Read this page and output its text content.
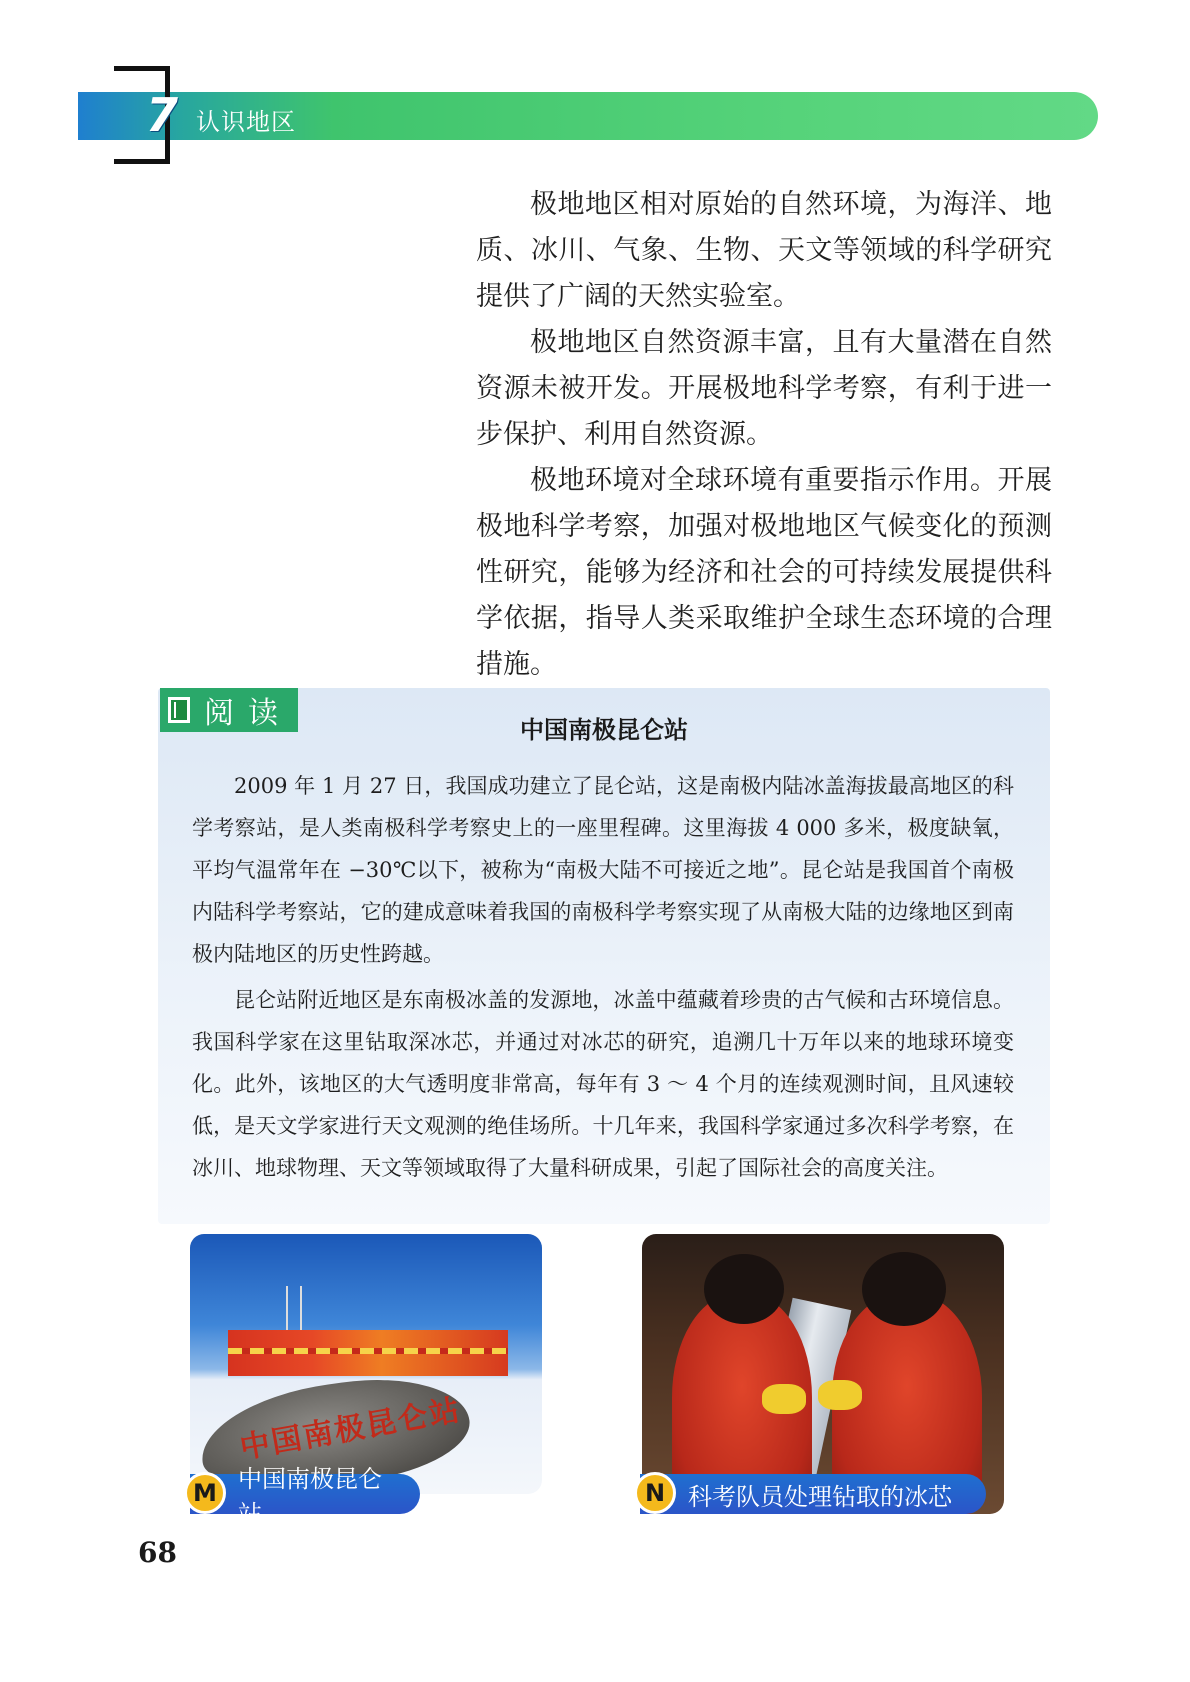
7 认识地区

极地地区相对原始的自然环境，为海洋、地质、冰川、气象、生物、天文等领域的科学研究提供了广阔的天然实验室。

极地地区自然资源丰富，且有大量潜在自然资源未被开发。开展极地科学考察，有利于进一步保护、利用自然资源。

极地环境对全球环境有重要指示作用。开展极地科学考察，加强对极地地区气候变化的预测性研究，能够为经济和社会的可持续发展提供科学依据，指导人类采取维护全球生态环境的合理措施。

阅读	中国南极昆仑站

2009 年 1 月 27 日，我国成功建立了昆仑站，这是南极内陆冰盖海拔最高地区的科学考察站，是人类南极科学考察史上的一座里程碑。这里海拔 4 000 多米，极度缺氧，平均气温常年在 −30℃以下，被称为“南极大陆不可接近之地”。昆仑站是我国首个南极内陆科学考察站，它的建成意味着我国的南极科学考察实现了从南极大陆的边缘地区到南极内陆地区的历史性跨越。

昆仑站附近地区是东南极冰盖的发源地，冰盖中蕴藏着珍贵的古气候和古环境信息。我国科学家在这里钻取深冰芯，并通过对冰芯的研究，追溯几十万年以来的地球环境变化。此外，该地区的大气透明度非常高，每年有 3 ～ 4 个月的连续观测时间，且风速较低，是天文学家进行天文观测的绝佳场所。十几年来，我国科学家通过多次科学考察，在冰川、地球物理、天文等领域取得了大量科研成果，引起了国际社会的高度关注。

中国南极昆仑站
M 中国南极昆仑站
N 科考队员处理钻取的冰芯
68
